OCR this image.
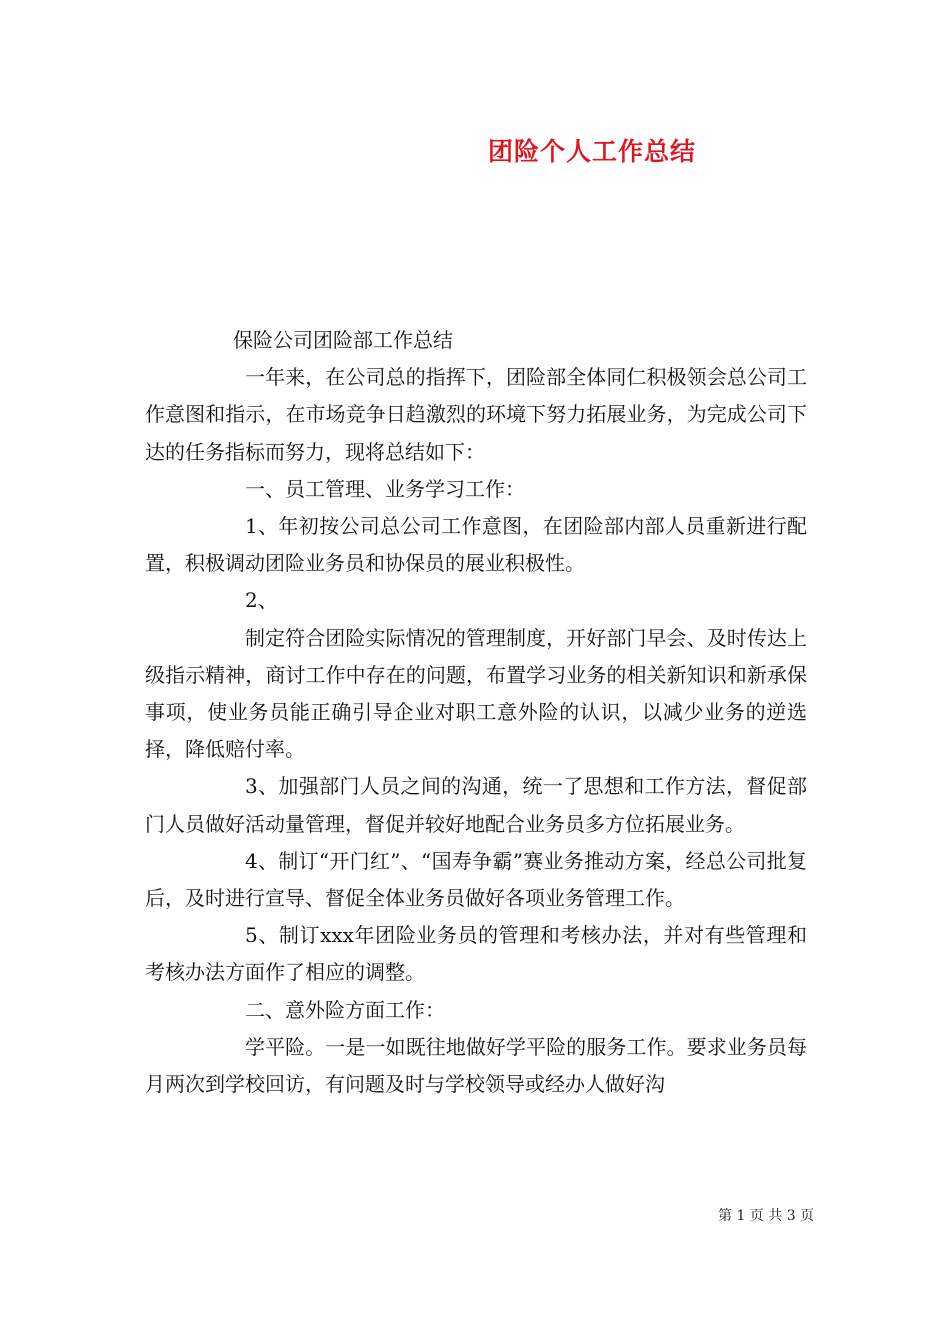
团险个人工作总结

保险公司团险部工作总结

一年来，在公司总的指挥下，团险部全体同仁积极领会总公司工作意图和指示，在市场竞争日趋激烈的环境下努力拓展业务，为完成公司下达的任务指标而努力，现将总结如下：

一、员工管理、业务学习工作：

1、年初按公司总公司工作意图，在团险部内部人员重新进行配置，积极调动团险业务员和协保员的展业积极性。

2、

制定符合团险实际情况的管理制度，开好部门早会、及时传达上级指示精神，商讨工作中存在的问题，布置学习业务的相关新知识和新承保事项，使业务员能正确引导企业对职工意外险的认识，以减少业务的逆选择，降低赔付率。

3、加强部门人员之间的沟通，统一了思想和工作方法，督促部门人员做好活动量管理，督促并较好地配合业务员多方位拓展业务。

4、制订“开门红”、“国寿争霸”赛业务推动方案，经总公司批复后，及时进行宣导、督促全体业务员做好各项业务管理工作。

5、制订xxx年团险业务员的管理和考核办法，并对有些管理和考核办法方面作了相应的调整。

二、意外险方面工作：

学平险。一是一如既往地做好学平险的服务工作。要求业务员每月两次到学校回访，有问题及时与学校领导或经办人做好沟

第 1 页 共 3 页
